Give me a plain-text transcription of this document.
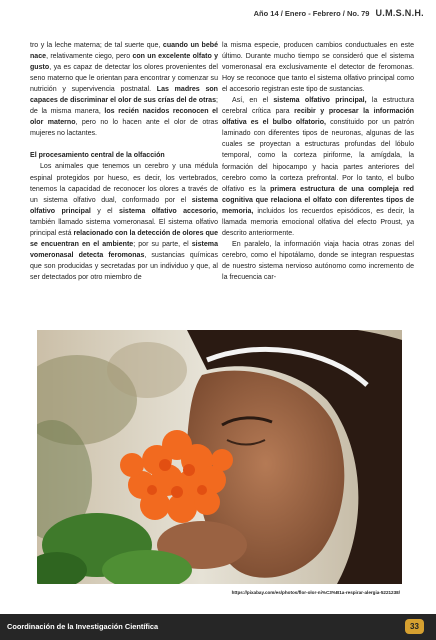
Año 14 / Enero - Febrero / No. 79 U.M.S.N.H.

tro y la leche materna; de tal suerte que, cuando un bebé nace, relativamente ciego, pero con un excelente olfato y gusto, ya es capaz de detectar los olores provenientes del seno materno que le orientan para encontrar y comenzar su nutrición y supervivencia postnatal. Las madres son capaces de discriminar el olor de sus crías del de otras; de la misma manera, los recién nacidos reconocen el olor materno, pero no lo hacen ante el olor de otras mujeres no lactantes.

El procesamiento central de la olfacción

Los animales que tenemos un cerebro y una médula espinal protegidos por hueso, es decir, los vertebrados, tenemos la capacidad de reconocer los olores a través de un sistema olfativo dual, conformado por el sistema olfativo principal y el sistema olfativo accesorio, también llamado sistema vomeronasal. El sistema olfativo principal está relacionado con la detección de olores que se encuentran en el ambiente; por su parte, el sistema vomeronasal detecta feromonas, sustancias químicas que son producidas y secretadas por un individuo y que, al ser detectados por otro miembro de

la misma especie, producen cambios conductuales en este último. Durante mucho tiempo se consideró que el sistema vomeronasal era exclusivamente el detector de feromonas. Hoy se reconoce que tanto el sistema olfativo principal como el accesorio registran este tipo de sustancias.

Así, en el sistema olfativo principal, la estructura cerebral crítica para recibir y procesar la información olfativa es el bulbo olfatorio, constituido por un patrón laminado con diferentes tipos de neuronas, algunas de las cuales se proyectan a estructuras profundas del lóbulo temporal, como la corteza piriforme, la amígdala, la formación del hipocampo y hacia partes anteriores del cerebro como la corteza prefrontal. Por lo tanto, el bulbo olfativo es la primera estructura de una compleja red cognitiva que relaciona el olfato con diferentes tipos de memoria, incluidos los recuerdos episódicos, es decir, la llamada memoria emocional olfativa del efecto Proust, ya descrito anteriormente.

En paralelo, la información viaja hacia otras zonas del cerebro, como el hipotálamo, donde se integran respuestas de nuestro sistema nervioso autónomo como incremento de la frecuencia car-

https://pixabay.com/es/photos/flor-olor-ni%C3%B1a-respirar-alergia-5221238/
Coordinación de la Investigación Científica	33
